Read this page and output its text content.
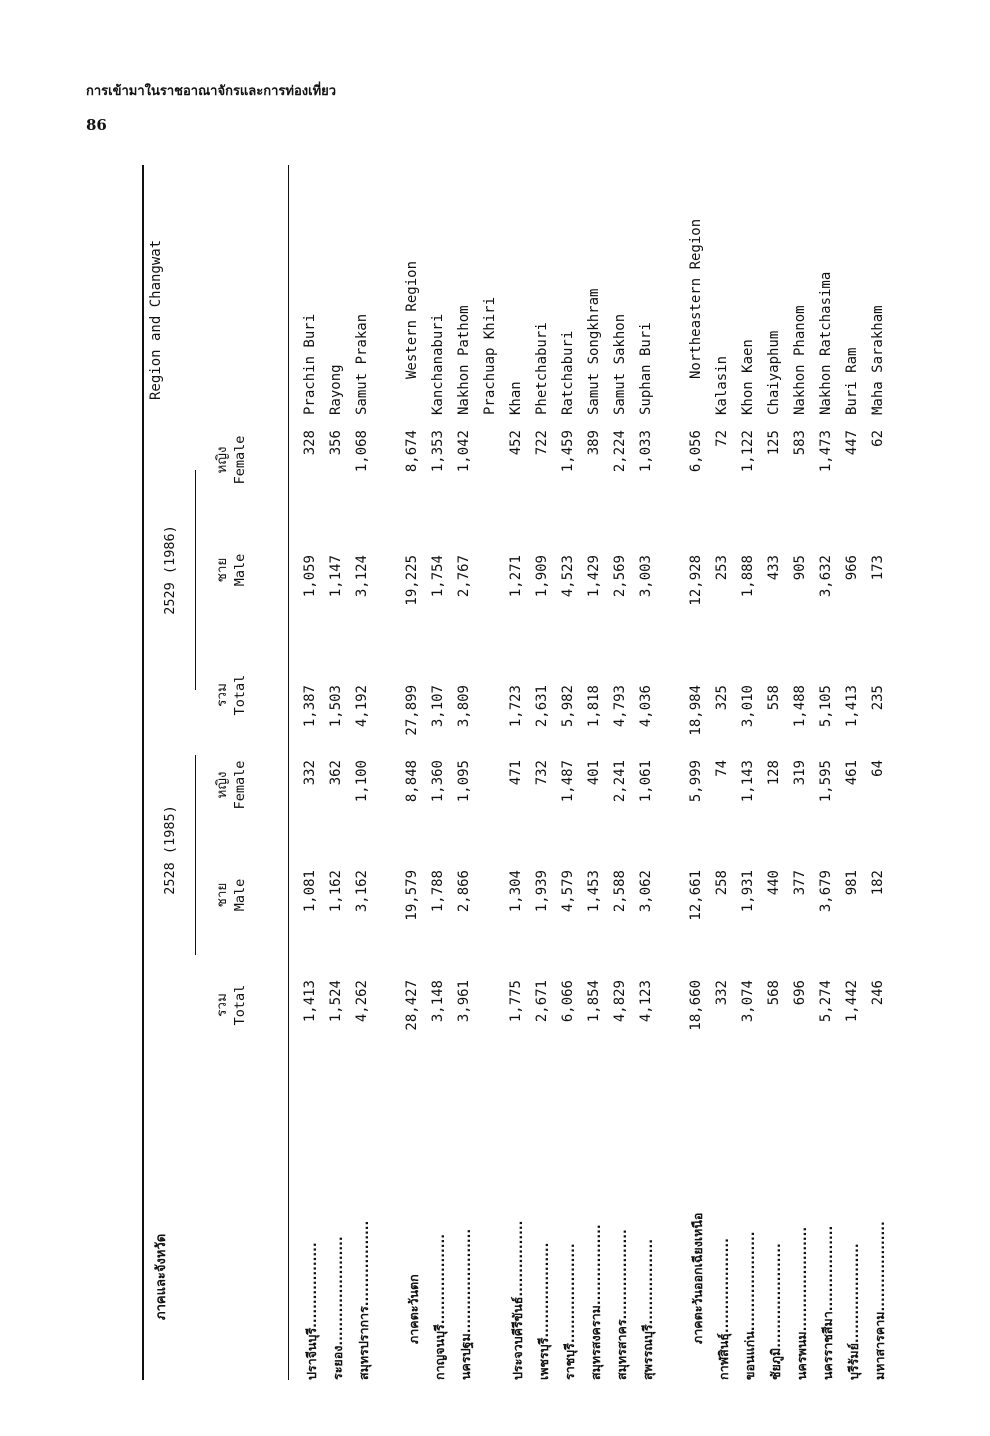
การเข้ามาในราชอาณาจักรและการท่องเที่ยว
86
ภาคและจังหวัด
Region and Changwat
2528 (1985)
2529 (1986)
รวม Total
ชาย Male
หญิง Female
รวม Total
ชาย Male
หญิง Female
ปราจีนบุรี..................
1,413
1,081
332
1,387
1,059
328
Prachin Buri
ระยอง.......................
1,524
1,162
362
1,503
1,147
356
Rayong
สมุทรปราการ..................
4,262
3,162
1,100
4,192
3,124
1,068
Samut Prakan
ภาคตะวันตก
28,427
19,579
8,848
27,899
19,225
8,674
Western Region
กาญจนบุรี...................
3,148
1,788
1,360
3,107
1,754
1,353
Kanchanaburi
นครปฐม......................
3,961
2,866
1,095
3,809
2,767
1,042
Nakhon Pathom Prachuap Khiri
ประจวบคีรีขันธ์................
1,775
1,304
471
1,723
1,271
452
Khan
เพชรบุรี....................
2,671
1,939
732
2,631
1,909
722
Phetchaburi
ราชบุรี.....................
6,066
4,579
1,487
5,982
4,523
1,459
Ratchaburi
สมุทรสงคราม.................
1,854
1,453
401
1,818
1,429
389
Samut Songkhram
สมุทรสาคร...................
4,829
2,588
2,241
4,793
2,569
2,224
Samut Sakhon
สุพรรณบุรี..................
4,123
3,062
1,061
4,036
3,003
1,033
Suphan Buri
ภาคตะวันออกเฉียงเหนือ
18,660
12,661
5,999
18,984
12,928
6,056
Northeastern Region
กาฬสินธุ์....................
332
258
74
325
253
72
Kalasin
ขอนแก่น.....................
3,074
1,931
1,143
3,010
1,888
1,122
Khon Kaen
ชัยภูมิ......................
568
440
128
558
433
125
Chaiyaphum
นครพนม......................
696
377
319
1,488
905
583
Nakhon Phanom
นครราชสีมา..................
5,274
3,679
1,595
5,105
3,632
1,473
Nakhon Ratchasima
บุรีรัมย์.....................
1,442
981
461
1,413
966
447
Buri Ram
มหาสารคาม...................
246
182
64
235
173
62
Maha Sarakham
